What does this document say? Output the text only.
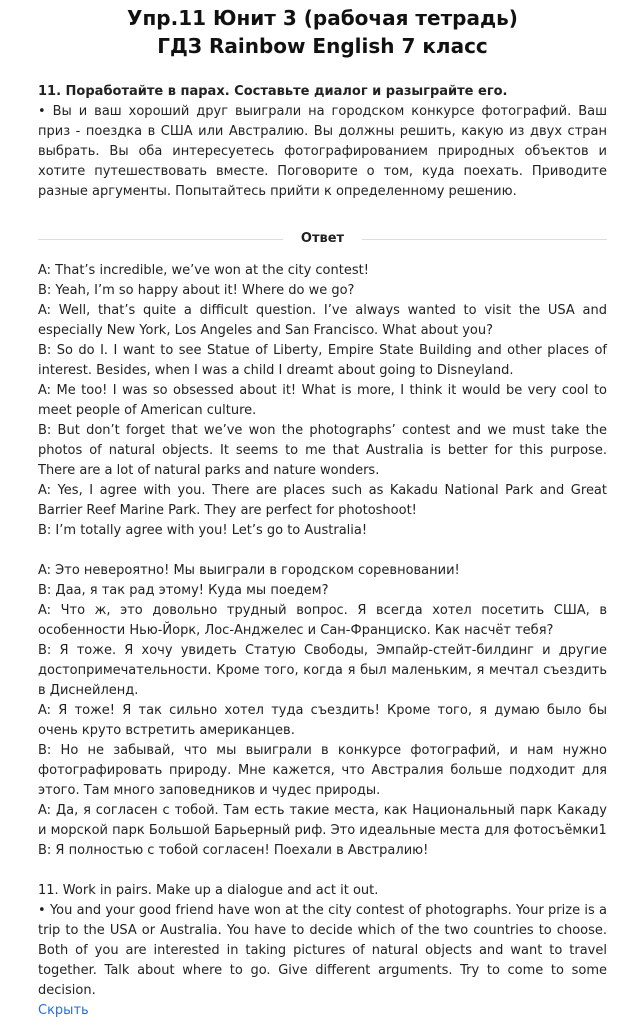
Упр.11 Юнит 3 (рабочая тетрадь)
ГДЗ Rainbow English 7 класс
11. Поработайте в парах. Составьте диалог и разыграйте его.
• Вы и ваш хороший друг выиграли на городском конкурсе фотографий. Ваш приз - поездка в США или Австралию. Вы должны решить, какую из двух стран выбрать. Вы оба интересуетесь фотографированием природных объектов и хотите путешествовать вместе. Поговорите о том, куда поехать. Приводите разные аргументы. Попытайтесь прийти к определенному решению.
Ответ

A: That’s incredible, we’ve won at the city contest!

B: Yeah, I’m so happy about it! Where do we go?

A: Well, that’s quite a difficult question. I’ve always wanted to visit the USA and especially New York, Los Angeles and San Francisco. What about you?

B: So do I. I want to see Statue of Liberty, Empire State Building and other places of interest. Besides, when I was a child I dreamt about going to Disneyland.

A: Me too! I was so obsessed about it! What is more, I think it would be very cool to meet people of American culture.

B: But don’t forget that we’ve won the photographs’ contest and we must take the photos of natural objects. It seems to me that Australia is better for this purpose. There are a lot of natural parks and nature wonders.

A: Yes, I agree with you. There are places such as Kakadu National Park and Great Barrier Reef Marine Park. They are perfect for photoshoot!

B: I’m totally agree with you! Let’s go to Australia!

A: Это невероятно! Мы выиграли в городском соревновании!

B: Даа, я так рад этому! Куда мы поедем?

A: Что ж, это довольно трудный вопрос. Я всегда хотел посетить США, в особенности Нью-Йорк, Лос-Анджелес и Сан-Франциско. Как насчёт тебя?

B: Я тоже. Я хочу увидеть Статую Свободы, Эмпайр-стейт-билдинг и другие достопримечательности. Кроме того, когда я был маленьким, я мечтал съездить в Диснейленд.

A: Я тоже! Я так сильно хотел туда съездить! Кроме того, я думаю было бы очень круто встретить американцев.

B: Но не забывай, что мы выиграли в конкурсе фотографий, и нам нужно фотографировать природу. Мне кажется, что Австралия больше подходит для этого. Там много заповедников и чудес природы.

A: Да, я согласен с тобой. Там есть такие места, как Национальный парк Какаду и морской парк Большой Барьерный риф. Это идеальные места для фотосъёмки1

B: Я полностью с тобой согласен! Поехали в Австралию!

11. Work in pairs. Make up a dialogue and act it out.

• You and your good friend have won at the city contest of photographs. Your prize is a trip to the USA or Australia. You have to decide which of the two countries to choose. Both of you are interested in taking pictures of natural objects and want to travel together. Talk about where to go. Give different arguments. Try to come to some decision.

Скрыть
